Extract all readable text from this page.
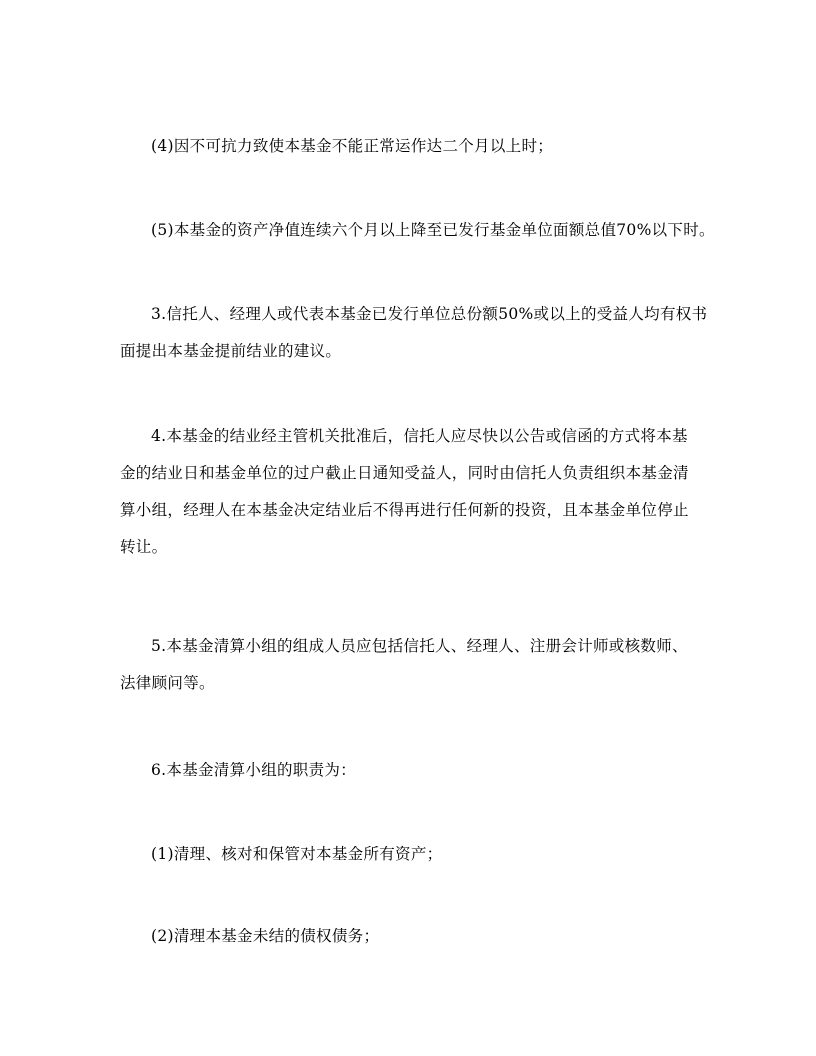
(4)因不可抗力致使本基金不能正常运作达二个月以上时；
(5)本基金的资产净值连续六个月以上降至已发行基金单位面额总值70%以下时。
3.信托人、经理人或代表本基金已发行单位总份额50%或以上的受益人均有权书
面提出本基金提前结业的建议。
4.本基金的结业经主管机关批准后，信托人应尽快以公告或信函的方式将本基
金的结业日和基金单位的过户截止日通知受益人，同时由信托人负责组织本基金清
算小组，经理人在本基金决定结业后不得再进行任何新的投资，且本基金单位停止
转让。
5.本基金清算小组的组成人员应包括信托人、经理人、注册会计师或核数师、
法律顾问等。
6.本基金清算小组的职责为：
(1)清理、核对和保管对本基金所有资产；
(2)清理本基金未结的债权债务；
